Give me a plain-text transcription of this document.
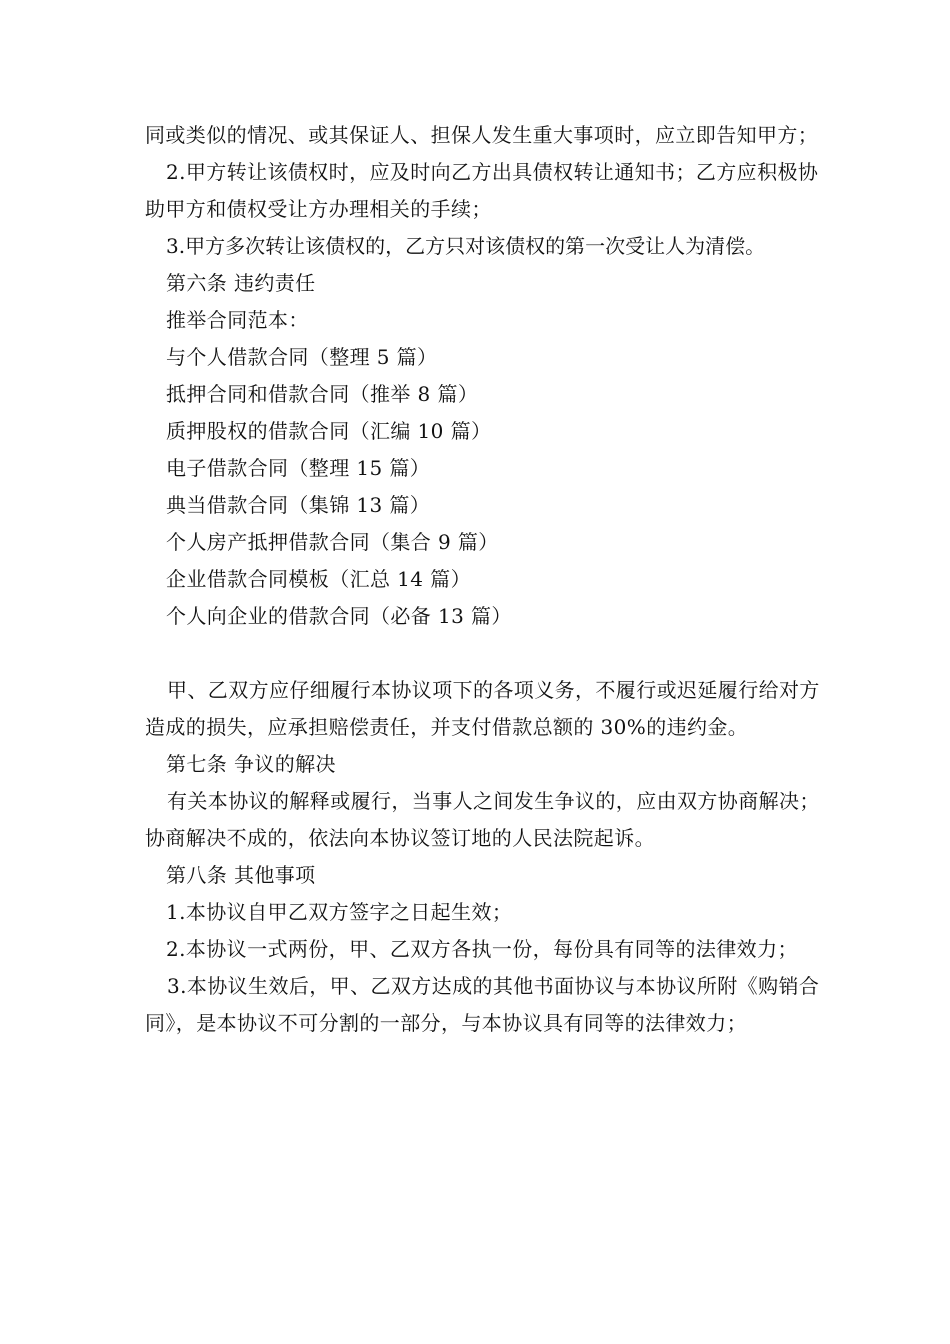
同或类似的情况、或其保证人、担保人发生重大事项时，应立即告知甲方；

2.甲方转让该债权时，应及时向乙方出具债权转让通知书；乙方应积极协助甲方和债权受让方办理相关的手续；

3.甲方多次转让该债权的，乙方只对该债权的第一次受让人为清偿。

第六条 违约责任

推举合同范本：

与个人借款合同（整理 5 篇）

抵押合同和借款合同（推举 8 篇）

质押股权的借款合同（汇编 10 篇）

电子借款合同（整理 15 篇）

典当借款合同（集锦 13 篇）

个人房产抵押借款合同（集合 9 篇）

企业借款合同模板（汇总 14 篇）

个人向企业的借款合同（必备 13 篇）

甲、乙双方应仔细履行本协议项下的各项义务，不履行或迟延履行给对方造成的损失，应承担赔偿责任，并支付借款总额的 30%的违约金。

第七条 争议的解决

有关本协议的解释或履行，当事人之间发生争议的，应由双方协商解决；协商解决不成的，依法向本协议签订地的人民法院起诉。

第八条 其他事项

1.本协议自甲乙双方签字之日起生效；

2.本协议一式两份，甲、乙双方各执一份，每份具有同等的法律效力；

3.本协议生效后，甲、乙双方达成的其他书面协议与本协议所附《购销合同》，是本协议不可分割的一部分，与本协议具有同等的法律效力；
